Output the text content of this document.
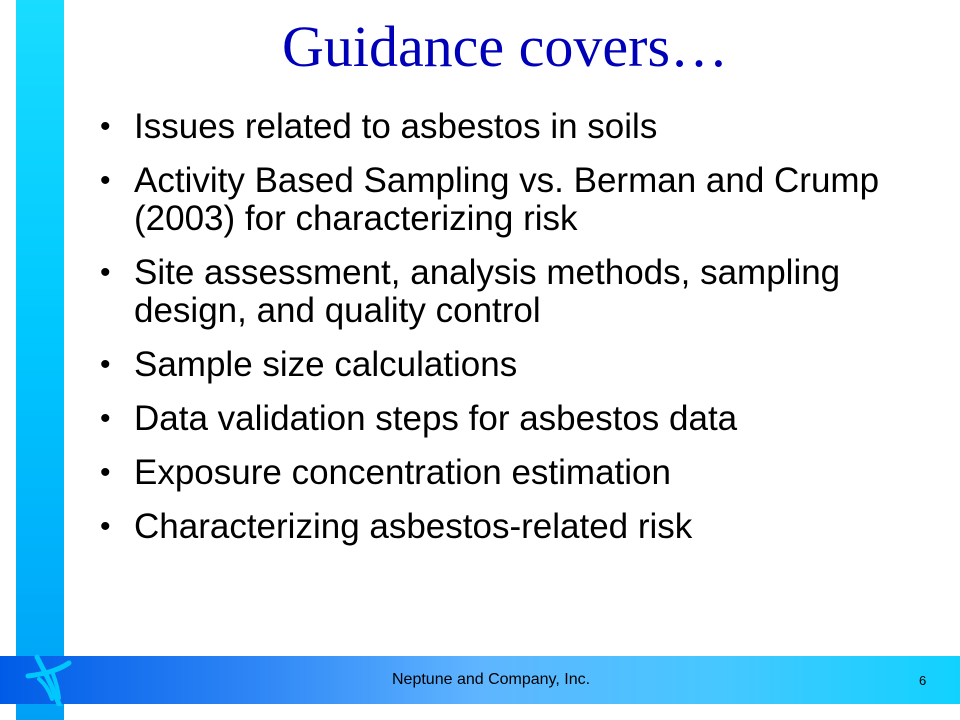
Guidance covers…
• Issues related to asbestos in soils
• Activity Based Sampling vs. Berman and Crump (2003) for characterizing risk
• Site assessment, analysis methods, sampling design, and quality control
• Sample size calculations
• Data validation steps for asbestos data
• Exposure concentration estimation
• Characterizing asbestos-related risk
Neptune and Company, Inc.	6
